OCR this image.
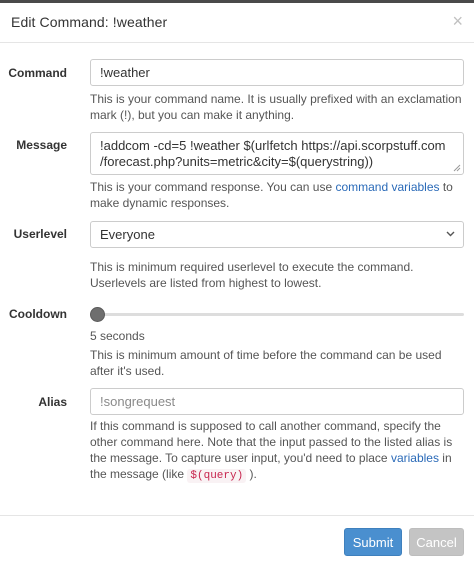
Edit Command: !weather	×
Command	!weather
This is your command name. It is usually prefixed with an exclamation mark (!), but you can make it anything.
Message	!addcom -cd=5 !weather $(urlfetch https://api.scorpstuff.com /forecast.php?units=metric&city=$(querystring))
This is your command response. You can use command variables to make dynamic responses.
Userlevel	Everyone
This is minimum required userlevel to execute the command. Userlevels are listed from highest to lowest.
Cooldown
5 seconds
This is minimum amount of time before the command can be used after it's used.
Alias	!songrequest
If this command is supposed to call another command, specify the other command here. Note that the input passed to the listed alias is the message. To capture user input, you'd need to place variables in the message (like $(query) ).
Submit	Cancel
